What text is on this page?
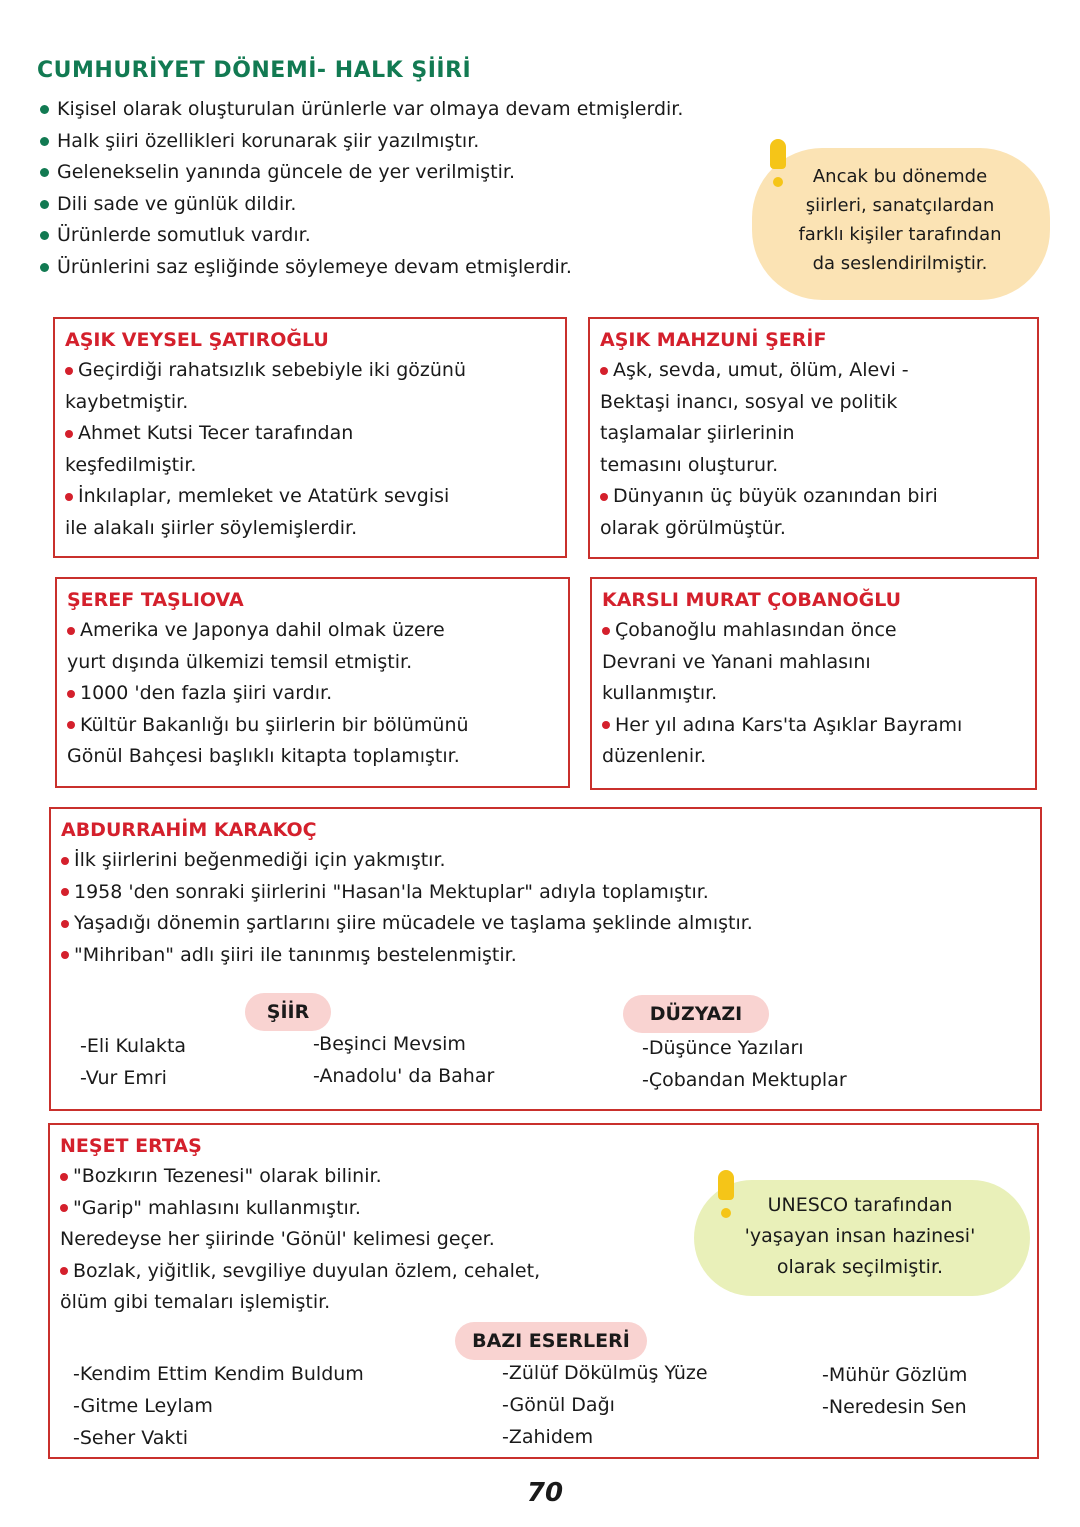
CUMHURİYET DÖNEMİ- HALK ŞİİRİ
Kişisel olarak oluşturulan ürünlerle var olmaya devam etmişlerdir.
Halk şiiri özellikleri korunarak şiir yazılmıştır.
Gelenekselin yanında güncele de yer verilmiştir.
Dili sade ve günlük dildir.
Ürünlerde somutluk vardır.
Ürünlerini saz eşliğinde söylemeye devam etmişlerdir.
Ancak bu dönemde
şiirleri, sanatçılardan
farklı kişiler tarafından
da seslendirilmiştir.
AŞIK VEYSEL ŞATIROĞLU
Geçirdiği rahatsızlık sebebiyle iki gözünü
kaybetmiştir.
Ahmet Kutsi Tecer tarafından
keşfedilmiştir.
İnkılaplar, memleket ve Atatürk sevgisi
ile alakalı şiirler söylemişlerdir.
AŞIK MAHZUNİ ŞERİF
Aşk, sevda, umut, ölüm, Alevi -
Bektaşi inancı, sosyal ve politik
taşlamalar şiirlerinin
temasını oluşturur.
Dünyanın üç büyük ozanından biri
olarak görülmüştür.
ŞEREF TAŞLIOVA
Amerika ve Japonya dahil olmak üzere
yurt dışında ülkemizi temsil etmiştir.
1000 'den fazla şiiri vardır.
Kültür Bakanlığı bu şiirlerin bir bölümünü
Gönül Bahçesi başlıklı kitapta toplamıştır.
KARSLI MURAT ÇOBANOĞLU
Çobanoğlu mahlasından önce
Devrani ve Yanani mahlasını
kullanmıştır.
Her yıl adına Kars'ta Aşıklar Bayramı
düzenlenir.
ABDURRAHİM KARAKOÇ
İlk şiirlerini beğenmediği için yakmıştır.
1958 'den sonraki şiirlerini "Hasan'la Mektuplar" adıyla toplamıştır.
Yaşadığı dönemin şartlarını şiire mücadele ve taşlama şeklinde almıştır.
"Mihriban" adlı şiiri ile tanınmış bestelenmiştir.
NEŞET ERTAŞ
"Bozkırın Tezenesi" olarak bilinir.
"Garip" mahlasını kullanmıştır.
Neredeyse her şiirinde 'Gönül' kelimesi geçer.
Bozlak, yiğitlik, sevgiliye duyulan özlem, cehalet,
ölüm gibi temaları işlemiştir.
ŞİİR	DÜZYAZI
-Eli Kulakta
-Vur Emri
-Beşinci Mevsim
-Anadolu' da Bahar
-Düşünce Yazıları
-Çobandan Mektuplar
UNESCO tarafından
'yaşayan insan hazinesi'
olarak seçilmiştir.
BAZI ESERLERİ
-Kendim Ettim Kendim Buldum
-Gitme Leylam
-Seher Vakti
-Zülüf Dökülmüş Yüze
-Gönül Dağı
-Zahidem
-Mühür Gözlüm
-Neredesin Sen
70
